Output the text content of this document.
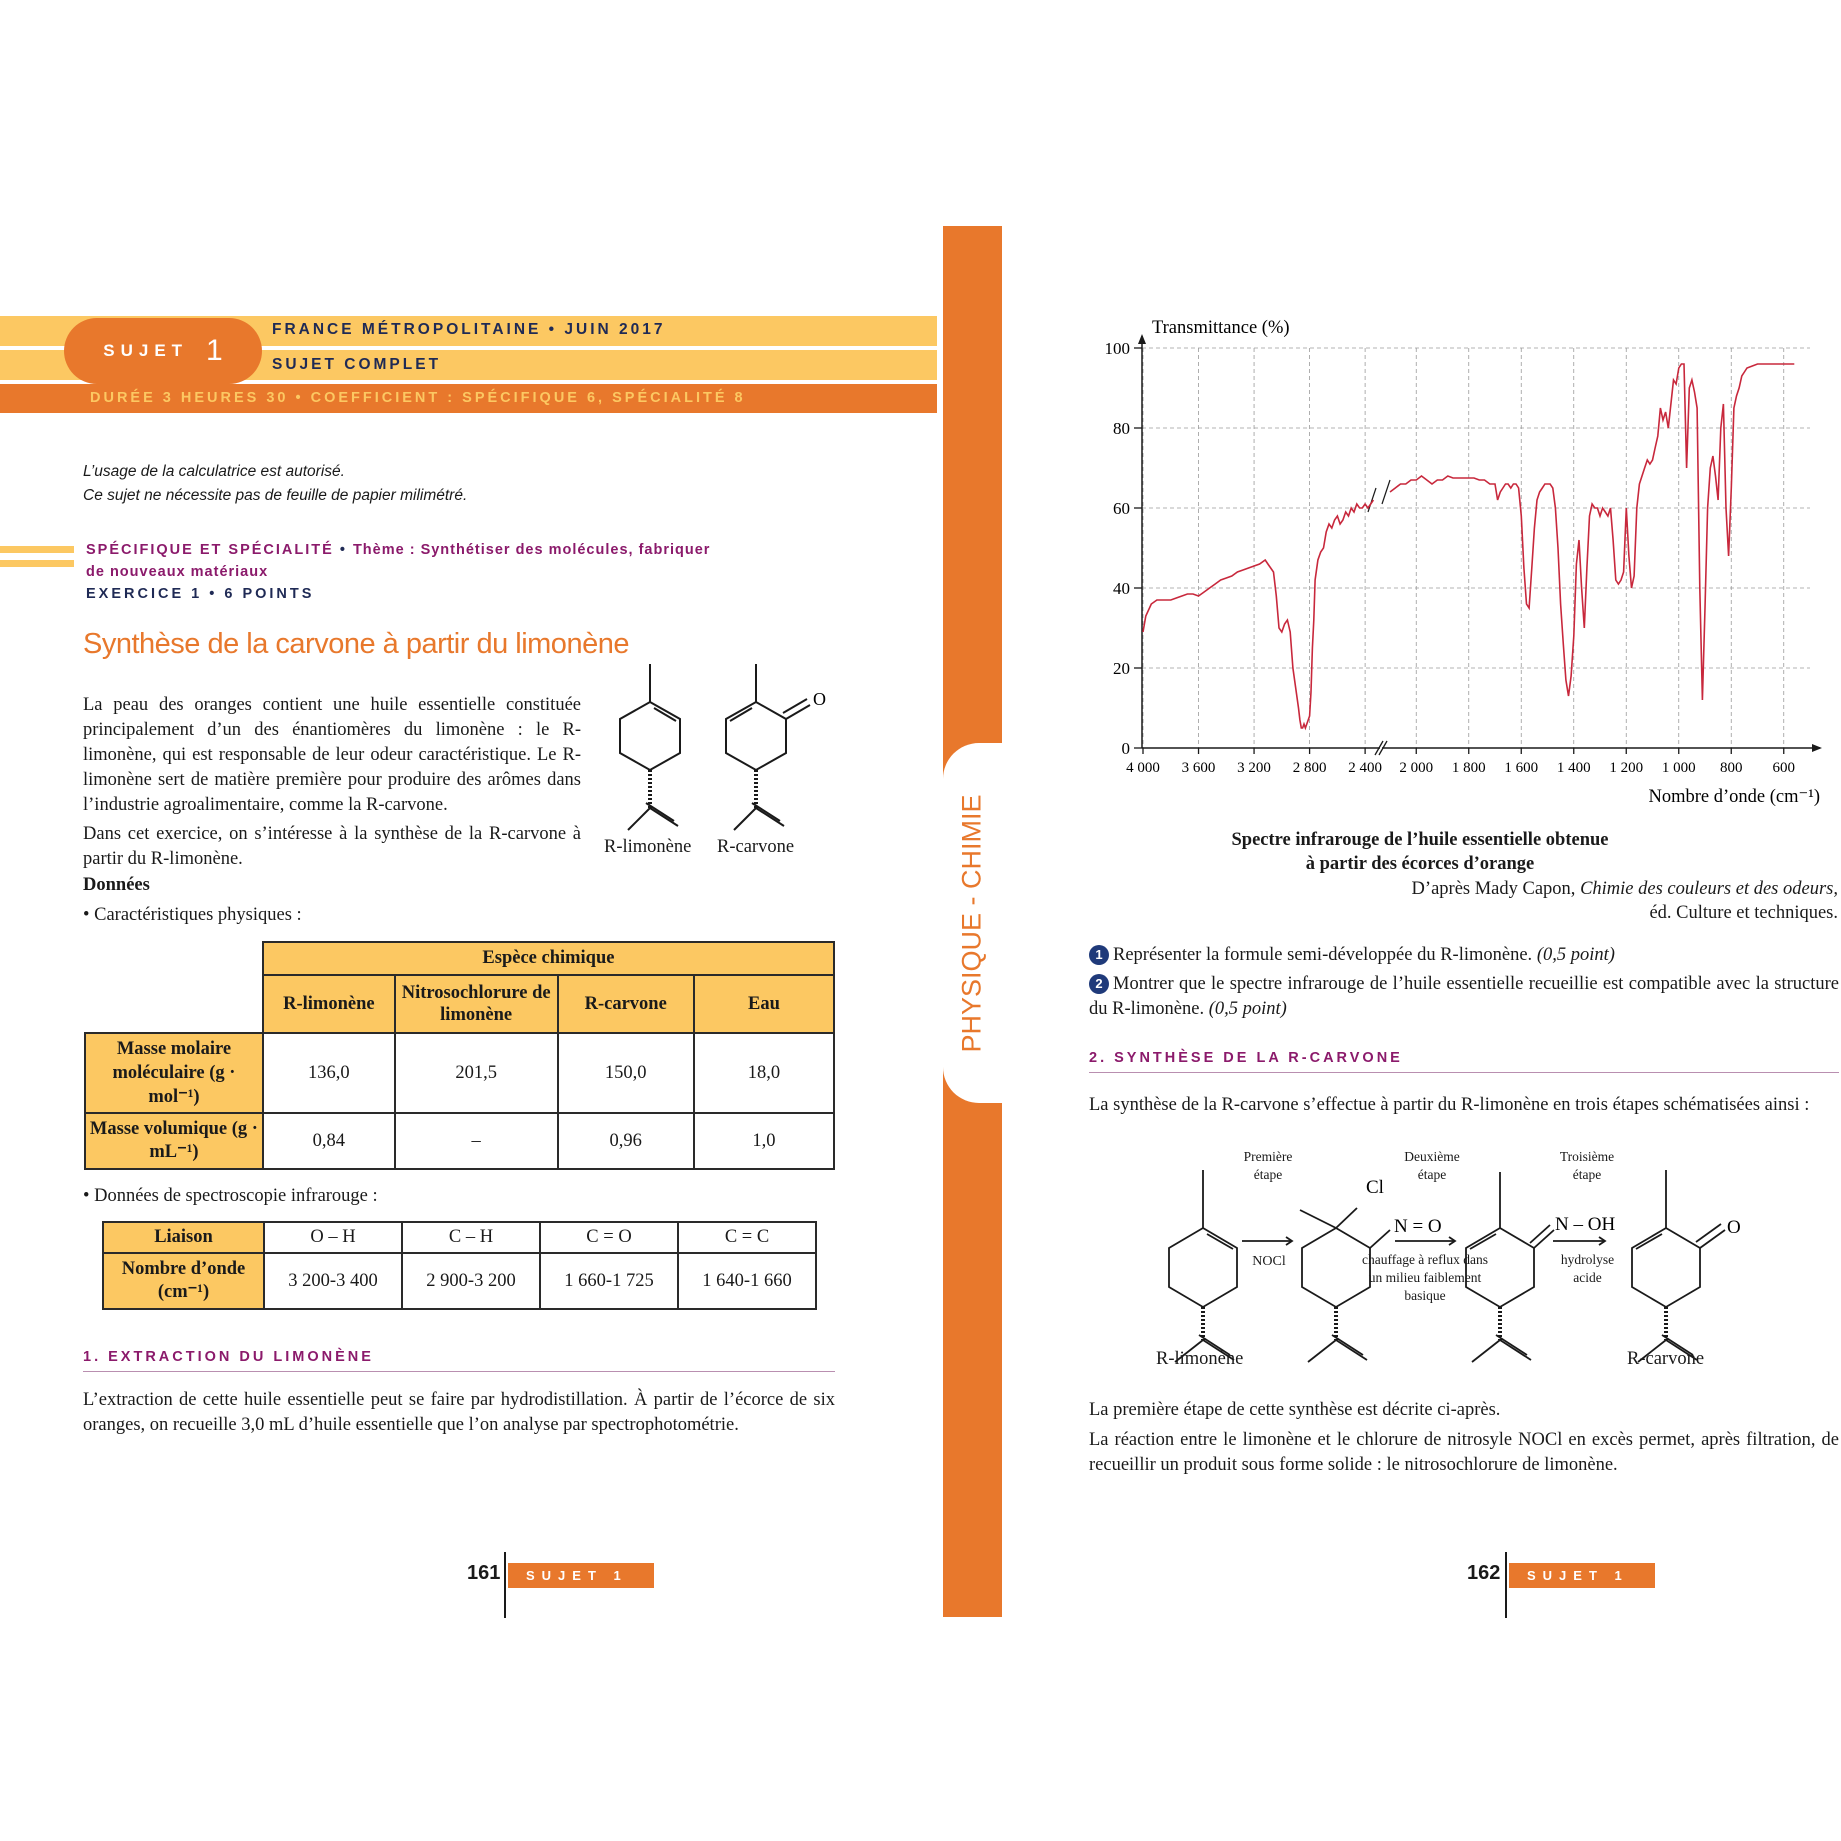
SUJET 1
FRANCE MÉTROPOLITAINE • JUIN 2017
SUJET COMPLET
DURÉE 3 HEURES 30 • COEFFICIENT : SPÉCIFIQUE 6, SPÉCIALITÉ 8
L’usage de la calculatrice est autorisé.
Ce sujet ne nécessite pas de feuille de papier milimétré.
SPÉCIFIQUE ET SPÉCIALITÉ • Thème : Synthétiser des molécules, fabriquer
de nouveaux matériaux
EXERCICE 1 • 6 POINTS
Synthèse de la carvone à partir du limonène

La peau des oranges contient une huile essentielle constituée principalement d’un des énantiomères du limonène : le R-limonène, qui est responsable de leur odeur caractéristique. Le R-limonène sert de matière première pour produire des arômes dans l’industrie agroalimentaire, comme la R-carvone.

Dans cet exercice, on s’intéresse à la synthèse de la R-carvone à partir du R-limonène.

O
R-limonène R-carvone
Données
• Caractéristiques physiques :
	Espèce chimique			
	R-limonène	Nitrosochlorure de limonène	R-carvone	Eau
Masse molaire moléculaire (g · mol⁻¹)	136,0	201,5	150,0	18,0
Masse volumique (g · mL⁻¹)	0,84	–	0,96	1,0
• Données de spectroscopie infrarouge :
Liaison	O – H	C – H	C = O	C = C
Nombre d’onde (cm⁻¹)	3 200-3 400	2 900-3 200	1 660-1 725	1 640-1 660
1. EXTRACTION DU LIMONÈNE

L’extraction de cette huile essentielle peut se faire par hydrodistillation. À partir de l’écorce de six oranges, on recueille 3,0 mL d’huile essentielle que l’on analyse par spectrophotométrie.

161	SUJET 1
PHYSIQUE - CHIMIE
0
20
40
60
80
100
4 000 3 600 3 200 2 800 2 400 2 000 1 800 1 600 1 400 1 200 1 000 800 600
Transmittance (%)
Nombre d’onde (cm⁻¹)
Spectre infrarouge de l’huile essentielle obtenue
à partir des écorces d’orange
D’après Mady Capon, Chimie des couleurs et des odeurs,
éd. Culture et techniques.
1 Représenter la formule semi-développée du R-limonène. (0,5 point)
2 Montrer que le spectre infrarouge de l’huile essentielle recueillie est compatible avec la structure du R-limonène. (0,5 point)
2. SYNTHÈSE DE LA R-CARVONE

La synthèse de la R-carvone s’effectue à partir du R-limonène en trois étapes schématisées ainsi :

Cl
N = O	N – OH	O
Première étape
Deuxième étape
Troisième étape
NOCl	chauffage à reflux dans un milieu faiblement basique
hydrolyse acide
R-limonène	R-carvone

La première étape de cette synthèse est décrite ci-après.

La réaction entre le limonène et le chlorure de nitrosyle NOCl en excès permet, après filtration, de recueillir un produit sous forme solide : le nitrosochlorure de limonène.

162	SUJET 1
